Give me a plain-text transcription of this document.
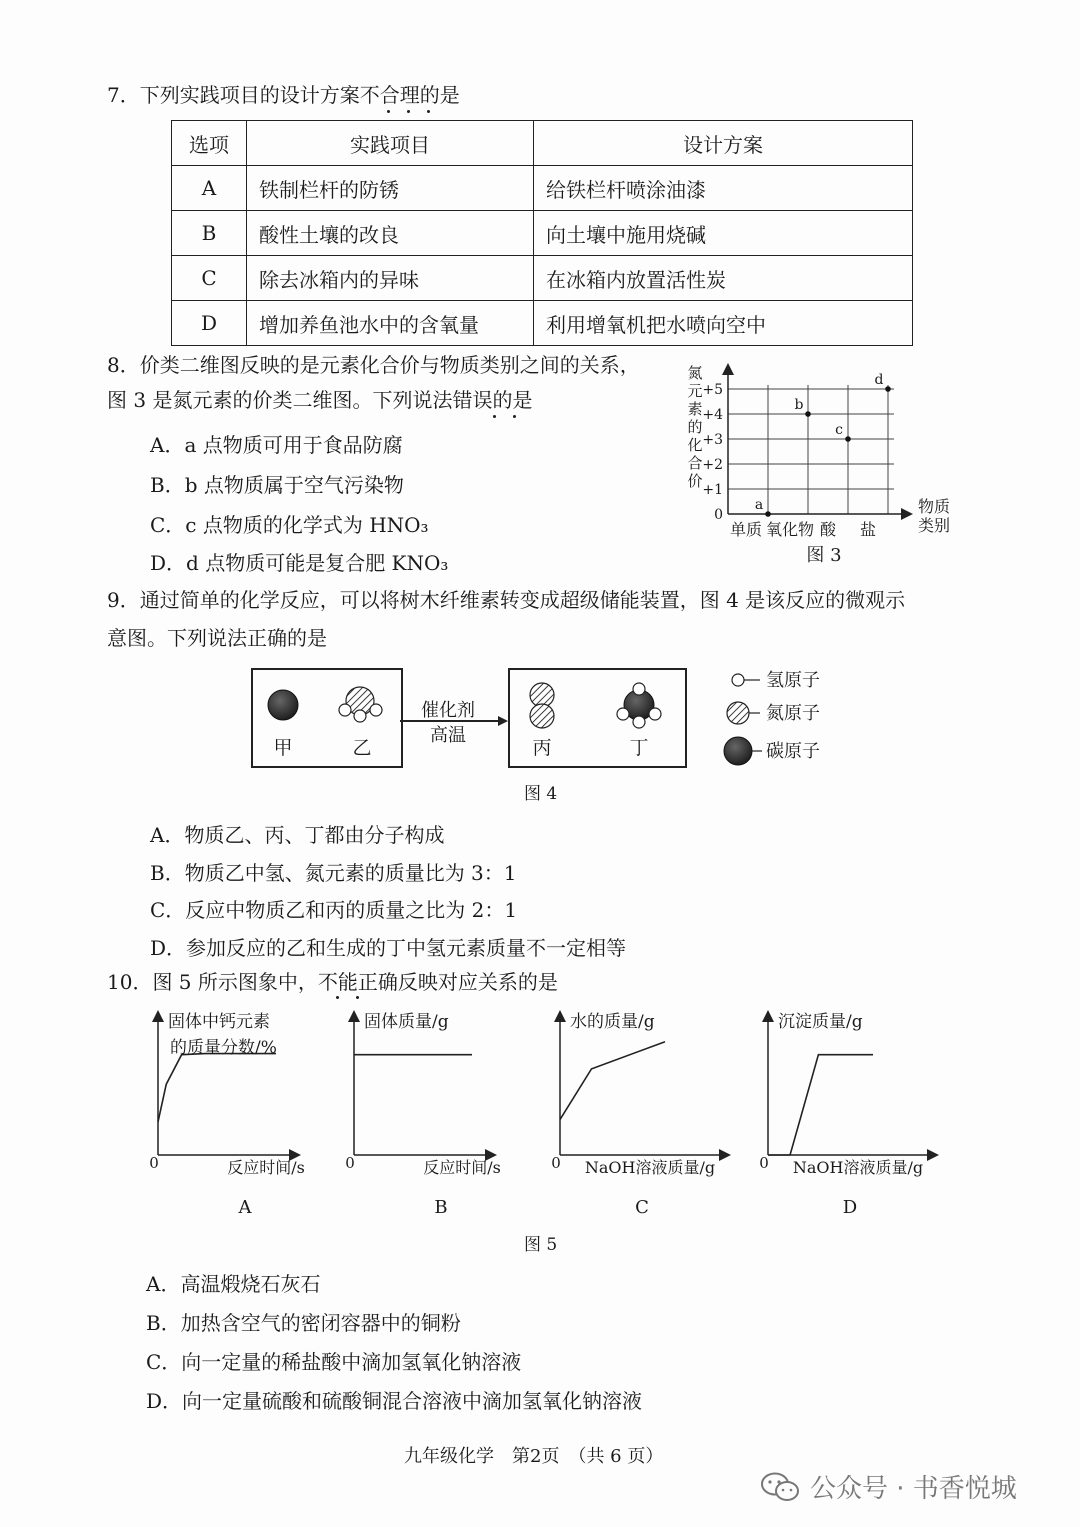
7．下列实践项目的设计方案不合理的是
选项	实践项目	设计方案
A	铁制栏杆的防锈	给铁栏杆喷涂油漆
B	酸性土壤的改良	向土壤中施用烧碱
C	除去冰箱内的异味	在冰箱内放置活性炭
D	增加养鱼池水中的含氧量	利用增氧机把水喷向空中
8．价类二维图反映的是元素化合价与物质类别之间的关系，
图 3 是氮元素的价类二维图。下列说法错误的是
A．a 点物质可用于食品防腐
B．b 点物质属于空气污染物
C．c 点物质的化学式为 HNO₃
D．d 点物质可能是复合肥 KNO₃
+5
+4
+3
+2
+1
0
单质 氧化物 酸 盐
a
b
c
d
氮元素的化合价
物质
类别
图 3
9．通过简单的化学反应，可以将树木纤维素转变成超级储能装置，图 4 是该反应的微观示
意图。下列说法正确的是
甲	乙
催化剂
高温
丙	丁
氢原子
氮原子
碳原子
图 4
A．物质乙、丙、丁都由分子构成
B．物质乙中氢、氮元素的质量比为 3：1
C．反应中物质乙和丙的质量之比为 2：1
D．参加反应的乙和生成的丁中氢元素质量不一定相等
10．图 5 所示图象中，不能正确反映对应关系的是
0
固体中钙元素
的质量分数/%
反应时间/s
A
0
固体质量/g
反应时间/s
B
0
水的质量/g
NaOH溶液质量/g
C
0
沉淀质量/g
NaOH溶液质量/g
D
图 5
A．高温煅烧石灰石
B．加热含空气的密闭容器中的铜粉
C．向一定量的稀盐酸中滴加氢氧化钠溶液
D．向一定量硫酸和硫酸铜混合溶液中滴加氢氧化钠溶液
九年级化学　第2页　（共 6 页）
公众号 · 书香悦城
